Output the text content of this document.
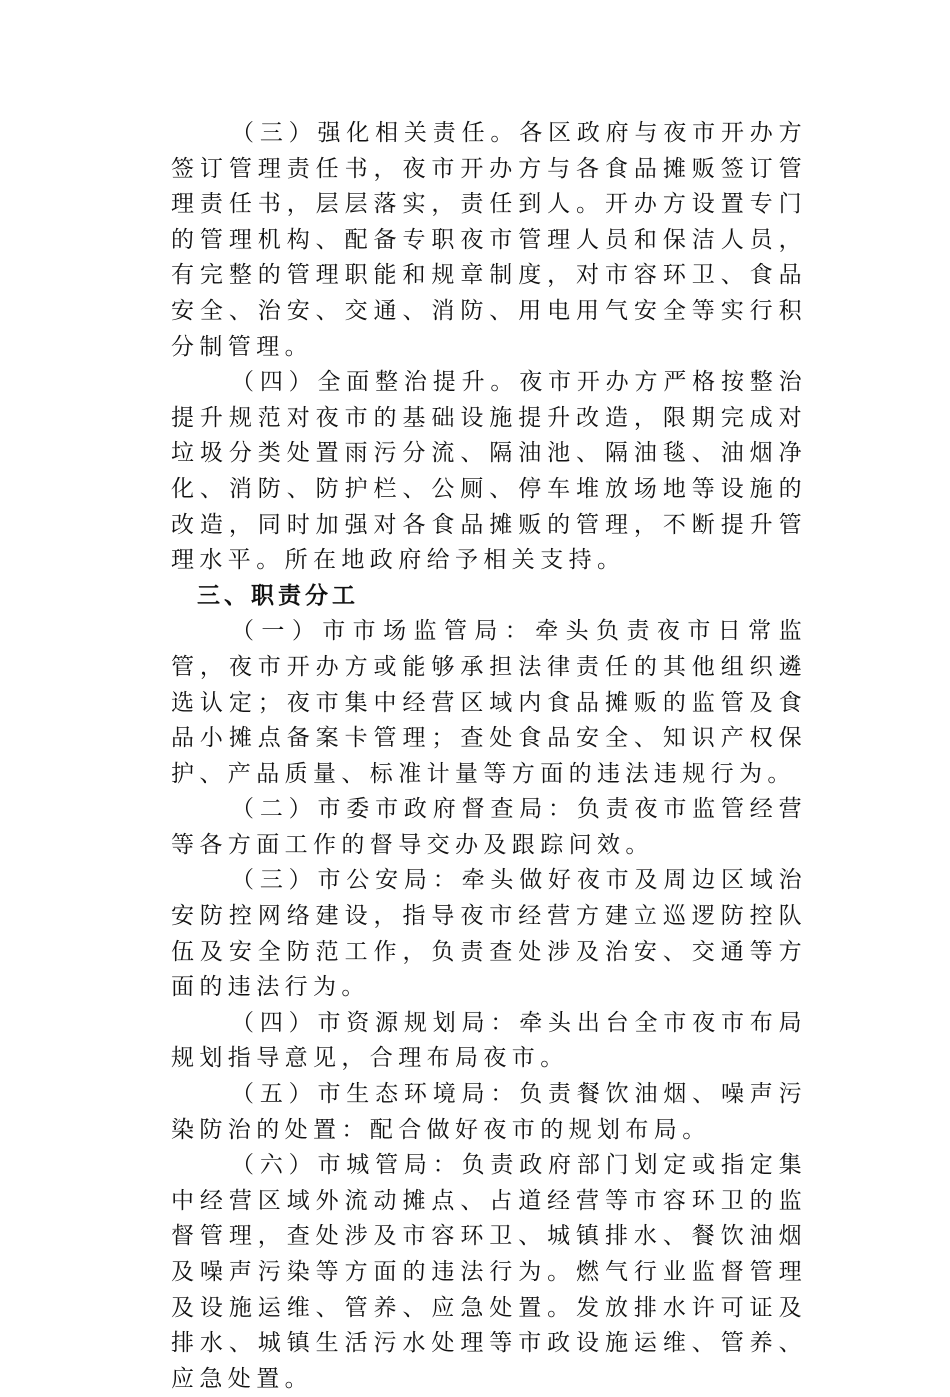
（三）强化相关责任。各区政府与夜市开办方签订管理责任书，夜市开办方与各食品摊贩签订管理责任书，层层落实，责任到人。开办方设置专门的管理机构、配备专职夜市管理人员和保洁人员，有完整的管理职能和规章制度，对市容环卫、食品安全、治安、交通、消防、用电用气安全等实行积分制管理。

（四）全面整治提升。夜市开办方严格按整治提升规范对夜市的基础设施提升改造，限期完成对垃圾分类处置雨污分流、隔油池、隔油毯、油烟净化、消防、防护栏、公厕、停车堆放场地等设施的改造，同时加强对各食品摊贩的管理，不断提升管理水平。所在地政府给予相关支持。

三、职责分工

（一）市市场监管局：牵头负责夜市日常监管，夜市开办方或能够承担法律责任的其他组织遴选认定；夜市集中经营区域内食品摊贩的监管及食品小摊点备案卡管理；查处食品安全、知识产权保护、产品质量、标准计量等方面的违法违规行为。

（二）市委市政府督查局：负责夜市监管经营等各方面工作的督导交办及跟踪问效。

（三）市公安局：牵头做好夜市及周边区域治安防控网络建设，指导夜市经营方建立巡逻防控队伍及安全防范工作，负责查处涉及治安、交通等方面的违法行为。

（四）市资源规划局：牵头出台全市夜市布局规划指导意见，合理布局夜市。

（五）市生态环境局：负责餐饮油烟、噪声污染防治的处置：配合做好夜市的规划布局。

（六）市城管局：负责政府部门划定或指定集中经营区域外流动摊点、占道经营等市容环卫的监督管理，查处涉及市容环卫、城镇排水、餐饮油烟及噪声污染等方面的违法行为。燃气行业监督管理及设施运维、管养、应急处置。发放排水许可证及排水、城镇生活污水处理等市政设施运维、管养、应急处置。
